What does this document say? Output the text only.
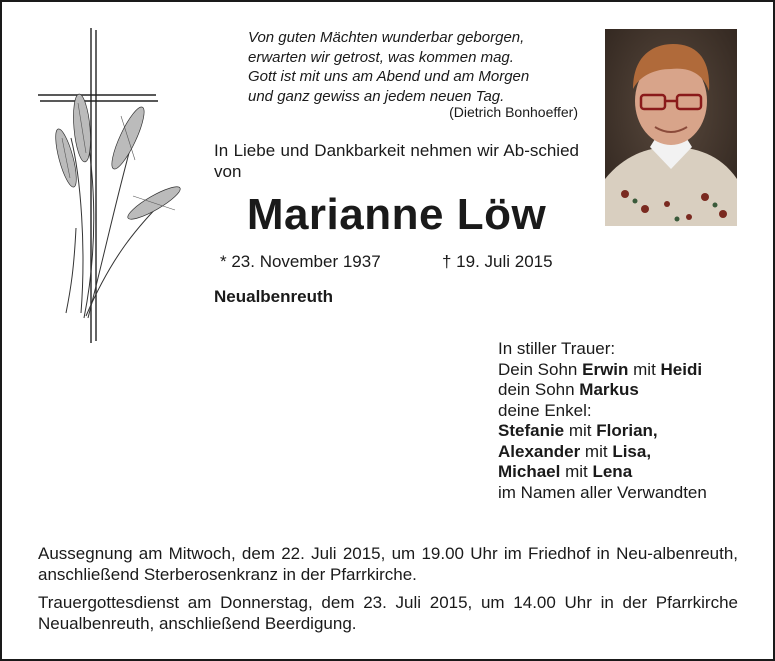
Von guten Mächten wunderbar geborgen,
erwarten wir getrost, was kommen mag.
Gott ist mit uns am Abend und am Morgen
und ganz gewiss an jedem neuen Tag.
(Dietrich Bonhoeffer)
In Liebe und Dankbarkeit nehmen wir Ab-schied von
Marianne Löw
* 23. November 1937	† 19. Juli 2015
Neualbenreuth
In stiller Trauer:
Dein Sohn Erwin mit Heidi
dein Sohn Markus
deine Enkel:
Stefanie mit Florian,
Alexander mit Lisa,
Michael mit Lena
im Namen aller Verwandten
Aussegnung am Mitwoch, dem 22. Juli 2015, um 19.00 Uhr im Friedhof in Neu-albenreuth, anschließend Sterberosenkranz in der Pfarrkirche.
Trauergottesdienst am Donnerstag, dem 23. Juli 2015, um 14.00 Uhr in der Pfarrkirche Neualbenreuth, anschließend Beerdigung.
